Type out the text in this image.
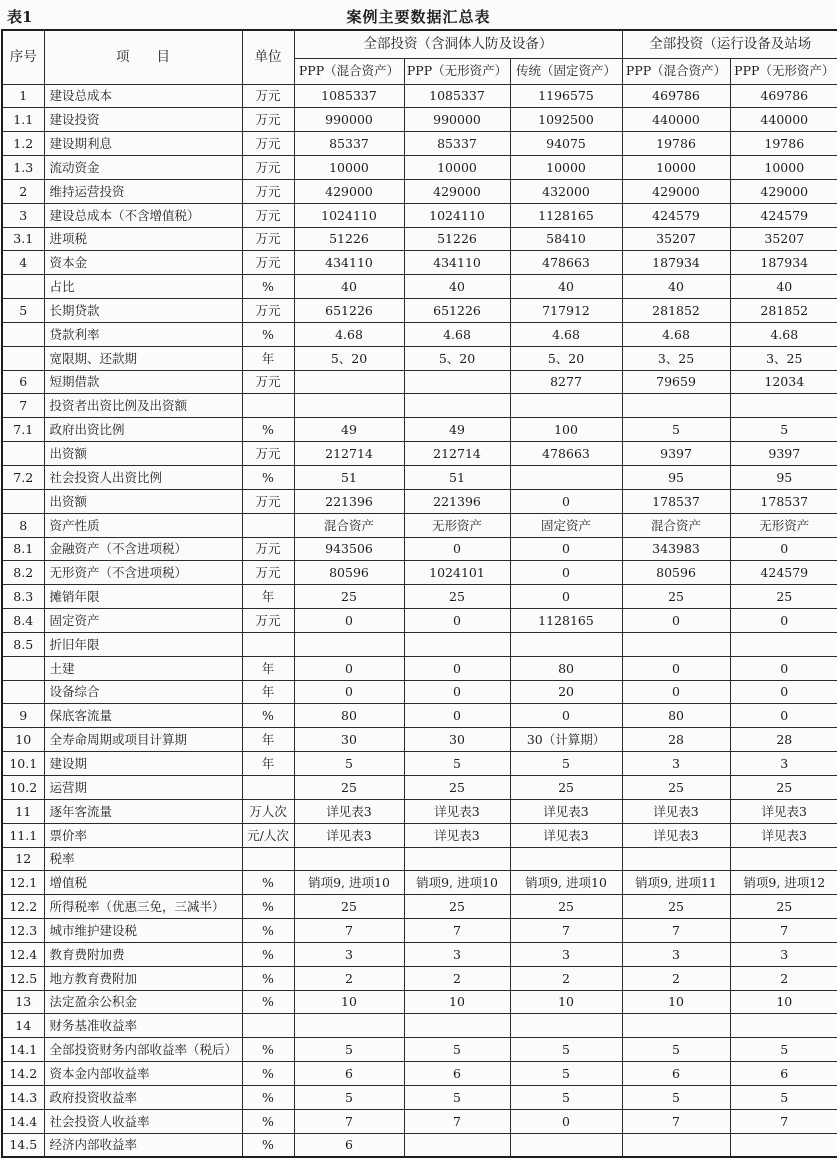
表1	案例主要数据汇总表
序号	项　　目	单位	全部投资（含洞体人防及设备）			全部投资（运行设备及站场	
			PPP（混合资产）	PPP（无形资产）	传统（固定资产）	PPP（混合资产）	PPP（无形资产）
1	建设总成本	万元	1085337	1085337	1196575	469786	469786
1.1	建设投资	万元	990000	990000	1092500	440000	440000
1.2	建设期利息	万元	85337	85337	94075	19786	19786
1.3	流动资金	万元	10000	10000	10000	10000	10000
2	维持运营投资	万元	429000	429000	432000	429000	429000
3	建设总成本（不含增值税）	万元	1024110	1024110	1128165	424579	424579
3.1	进项税	万元	51226	51226	58410	35207	35207
4	资本金	万元	434110	434110	478663	187934	187934
	占比	%	40	40	40	40	40
5	长期贷款	万元	651226	651226	717912	281852	281852
	贷款利率	%	4.68	4.68	4.68	4.68	4.68
	宽限期、还款期	年	5、20	5、20	5、20	3、25	3、25
6	短期借款	万元			8277	79659	12034
7	投资者出资比例及出资额						
7.1	政府出资比例	%	49	49	100	5	5
	出资额	万元	212714	212714	478663	9397	9397
7.2	社会投资人出资比例	%	51	51		95	95
	出资额	万元	221396	221396	0	178537	178537
8	资产性质		混合资产	无形资产	固定资产	混合资产	无形资产
8.1	金融资产（不含进项税）	万元	943506	0	0	343983	0
8.2	无形资产（不含进项税）	万元	80596	1024101	0	80596	424579
8.3	摊销年限	年	25	25	0	25	25
8.4	固定资产	万元	0	0	1128165	0	0
8.5	折旧年限						
	土建	年	0	0	80	0	0
	设备综合	年	0	0	20	0	0
9	保底客流量	%	80	0	0	80	0
10	全寿命周期或项目计算期	年	30	30	30（计算期）	28	28
10.1	建设期	年	5	5	5	3	3
10.2	运营期		25	25	25	25	25
11	逐年客流量	万人次	详见表3	详见表3	详见表3	详见表3	详见表3
11.1	票价率	元/人次	详见表3	详见表3	详见表3	详见表3	详见表3
12	税率						
12.1	增值税	%	销项9, 进项10	销项9, 进项10	销项9, 进项10	销项9, 进项11	销项9, 进项12
12.2	所得税率（优惠三免，三减半）	%	25	25	25	25	25
12.3	城市维护建设税	%	7	7	7	7	7
12.4	教育费附加费	%	3	3	3	3	3
12.5	地方教育费附加	%	2	2	2	2	2
13	法定盈余公积金	%	10	10	10	10	10
14	财务基准收益率						
14.1	全部投资财务内部收益率（税后）	%	5	5	5	5	5
14.2	资本金内部收益率	%	6	6	5	6	6
14.3	政府投资收益率	%	5	5	5	5	5
14.4	社会投资人收益率	%	7	7	0	7	7
14.5	经济内部收益率	%	6				
